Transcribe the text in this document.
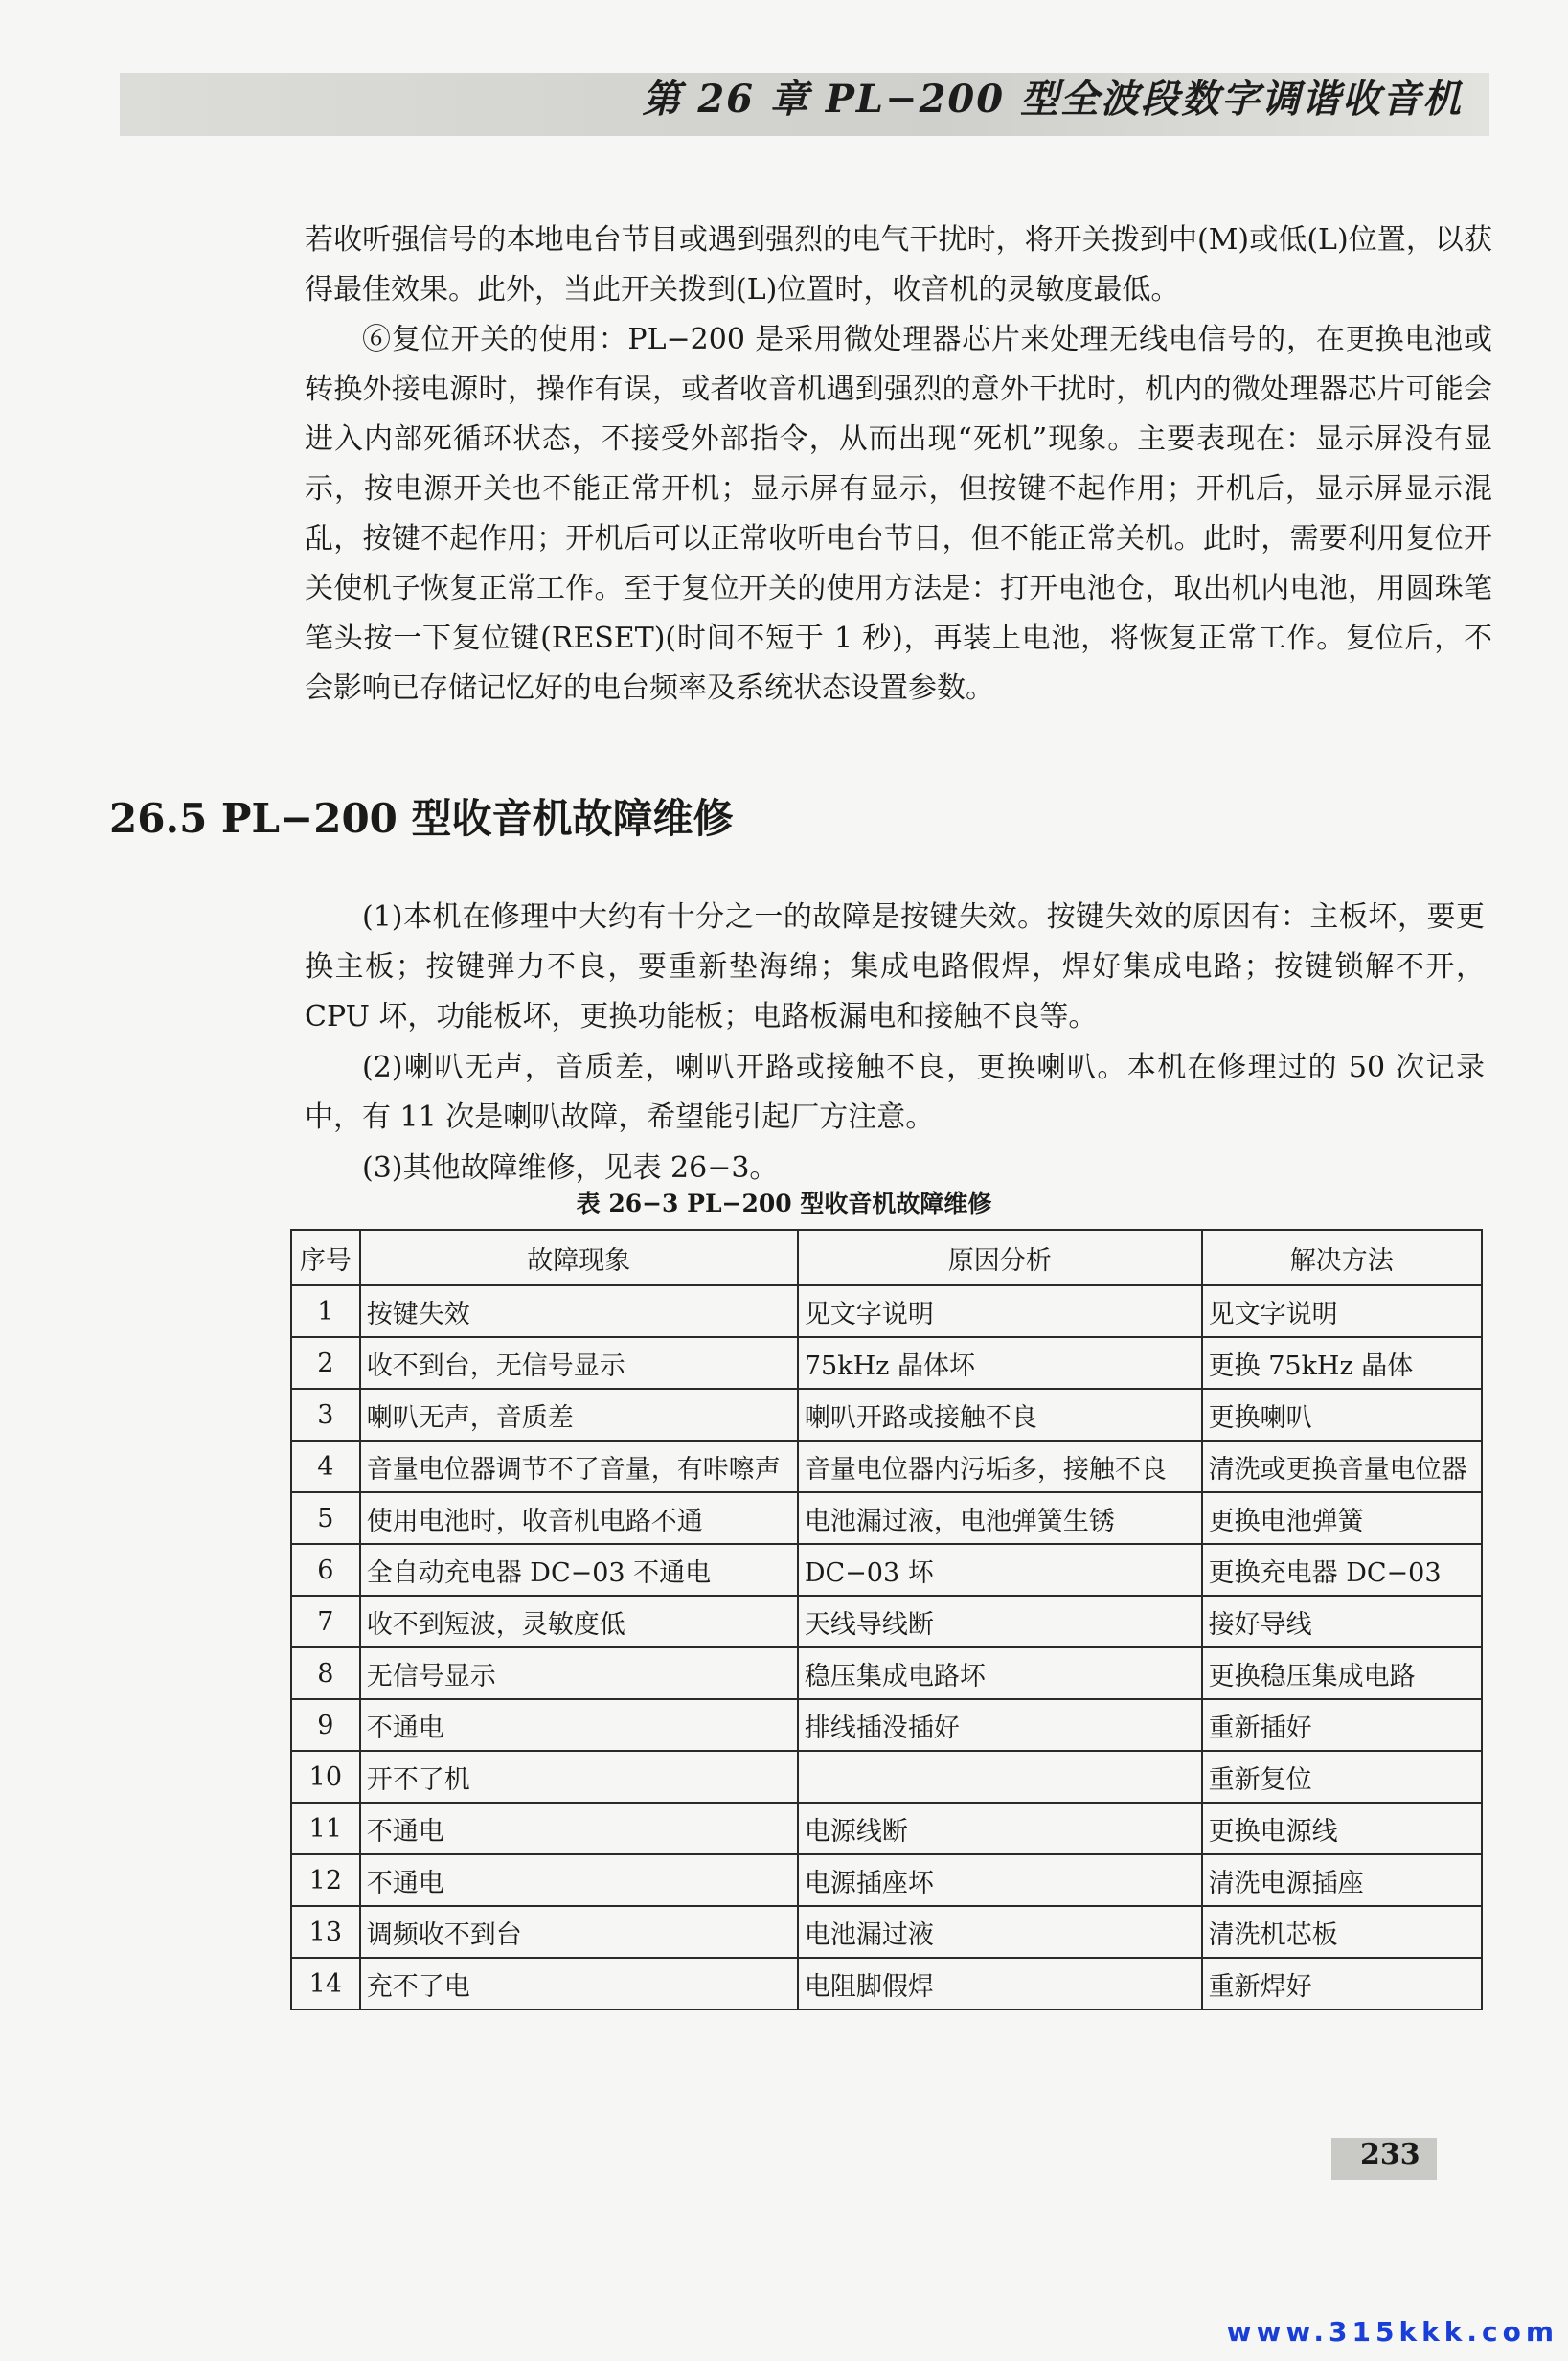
第 26 章 PL−200 型全波段数字调谐收音机

若收听强信号的本地电台节目或遇到强烈的电气干扰时，将开关拨到中(M)或低(L)位置，以获得最佳效果。此外，当此开关拨到(L)位置时，收音机的灵敏度最低。

⑥复位开关的使用：PL−200 是采用微处理器芯片来处理无线电信号的，在更换电池或转换外接电源时，操作有误，或者收音机遇到强烈的意外干扰时，机内的微处理器芯片可能会进入内部死循环状态，不接受外部指令，从而出现“死机”现象。主要表现在：显示屏没有显示，按电源开关也不能正常开机；显示屏有显示，但按键不起作用；开机后，显示屏显示混乱，按键不起作用；开机后可以正常收听电台节目，但不能正常关机。此时，需要利用复位开关使机子恢复正常工作。至于复位开关的使用方法是：打开电池仓，取出机内电池，用圆珠笔笔头按一下复位键(RESET)(时间不短于 1 秒)，再装上电池，将恢复正常工作。复位后，不会影响已存储记忆好的电台频率及系统状态设置参数。

26.5 PL−200 型收音机故障维修

(1)本机在修理中大约有十分之一的故障是按键失效。按键失效的原因有：主板坏，要更换主板；按键弹力不良，要重新垫海绵；集成电路假焊，焊好集成电路；按键锁解不开，CPU 坏，功能板坏，更换功能板；电路板漏电和接触不良等。

(2)喇叭无声，音质差，喇叭开路或接触不良，更换喇叭。本机在修理过的 50 次记录中，有 11 次是喇叭故障，希望能引起厂方注意。

(3)其他故障维修，见表 26−3。

表 26−3 PL−200 型收音机故障维修
序号	故障现象	原因分析	解决方法
1	按键失效	见文字说明	见文字说明
2	收不到台，无信号显示	75kHz 晶体坏	更换 75kHz 晶体
3	喇叭无声，音质差	喇叭开路或接触不良	更换喇叭
4	音量电位器调节不了音量，有咔嚓声	音量电位器内污垢多，接触不良	清洗或更换音量电位器
5	使用电池时，收音机电路不通	电池漏过液，电池弹簧生锈	更换电池弹簧
6	全自动充电器 DC−03 不通电	DC−03 坏	更换充电器 DC−03
7	收不到短波，灵敏度低	天线导线断	接好导线
8	无信号显示	稳压集成电路坏	更换稳压集成电路
9	不通电	排线插没插好	重新插好
10	开不了机		重新复位
11	不通电	电源线断	更换电源线
12	不通电	电源插座坏	清洗电源插座
13	调频收不到台	电池漏过液	清洗机芯板
14	充不了电	电阻脚假焊	重新焊好
233
www.315kkk.com
